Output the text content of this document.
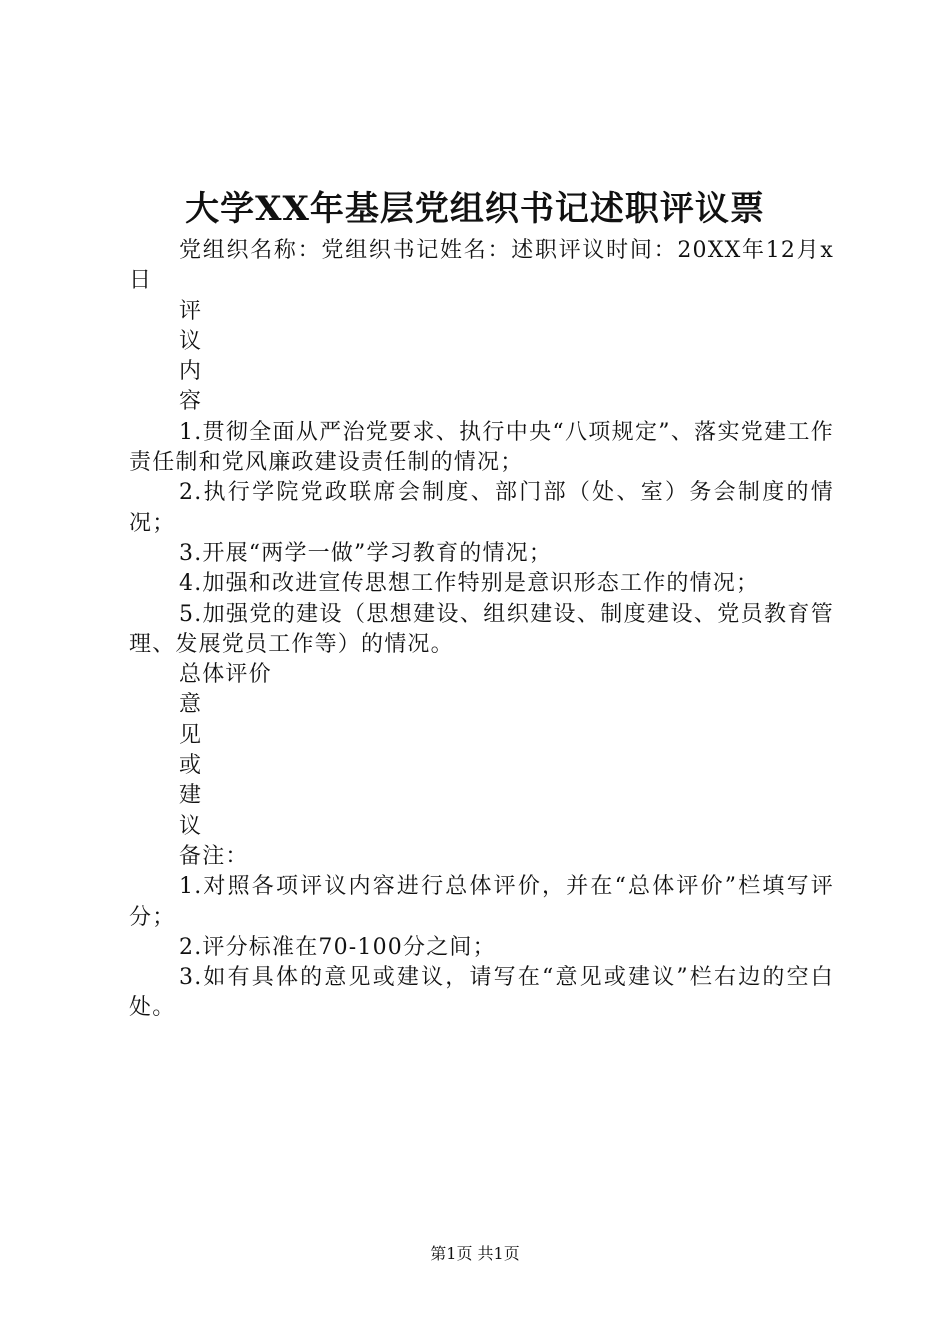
大学XX年基层党组织书记述职评议票

党组织名称：党组织书记姓名：述职评议时间：20XX年12月x日

评

议

内

容

1.贯彻全面从严治党要求、执行中央“八项规定”、落实党建工作责任制和党风廉政建设责任制的情况；

2.执行学院党政联席会制度、部门部（处、室）务会制度的情况；

3.开展“两学一做”学习教育的情况；

4.加强和改进宣传思想工作特别是意识形态工作的情况；

5.加强党的建设（思想建设、组织建设、制度建设、党员教育管理、发展党员工作等）的情况。

总体评价

意

见

或

建

议

备注：

1.对照各项评议内容进行总体评价，并在“总体评价”栏填写评分；

2.评分标准在70-100分之间；

3.如有具体的意见或建议，请写在“意见或建议”栏右边的空白处。

第1页 共1页
